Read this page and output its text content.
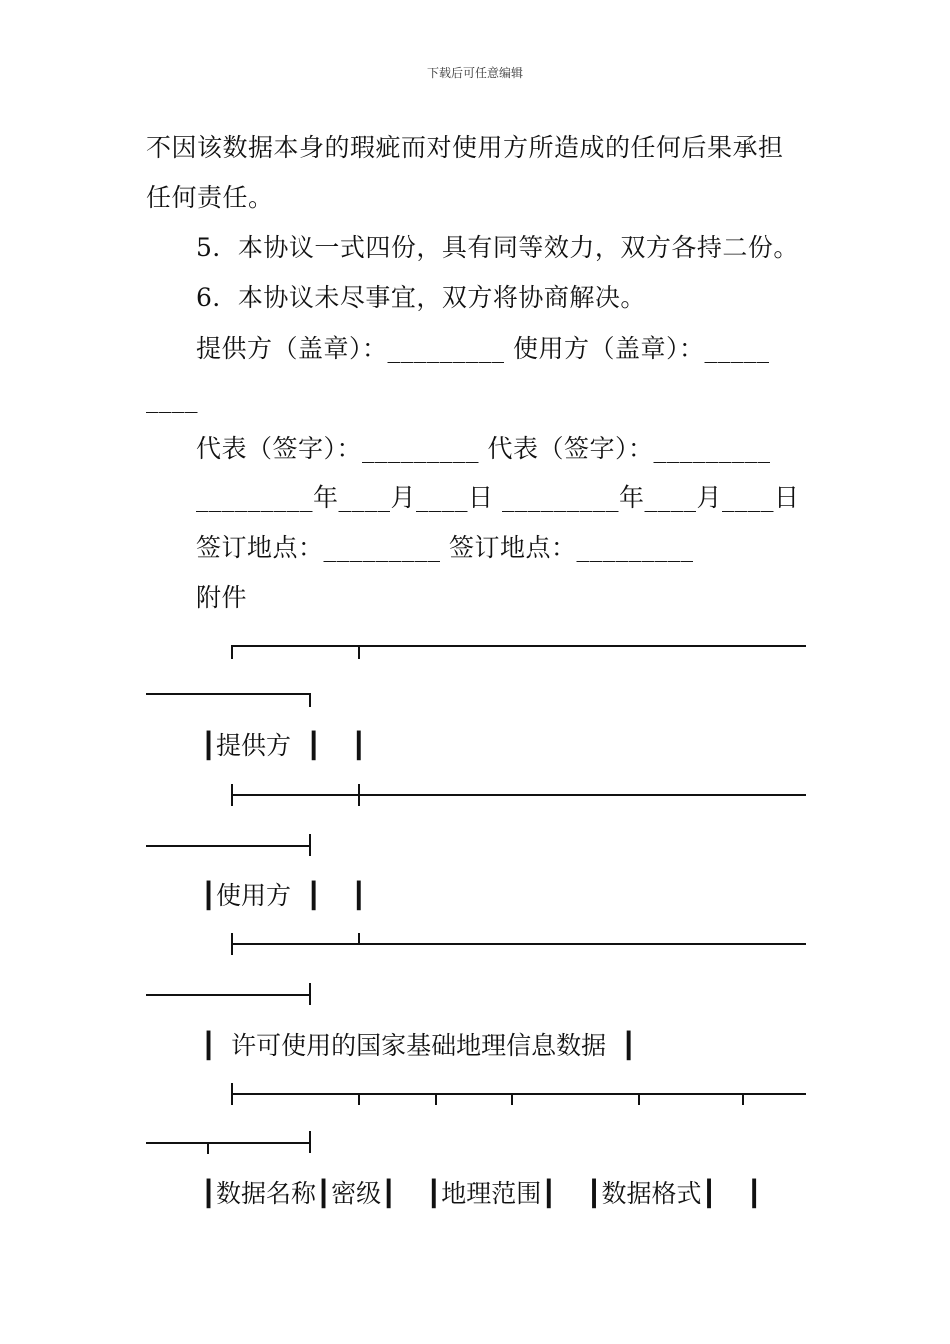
下载后可任意编辑
不因该数据本身的瑕疵而对使用方所造成的任何后果承担
任何责任。
5．本协议一式四份，具有同等效力，双方各持二份。
6．本协议未尽事宜，双方将协商解决。
提供方（盖章）：_________ 使用方（盖章）：_____
____
代表（签字）：_________ 代表（签字）：_________
_________年____月____日 _________年____月____日
签订地点：_________ 签订地点：_________
附件
┃提供方 ┃  ┃
┃使用方 ┃  ┃
┃ 许可使用的国家基础地理信息数据 ┃
┃数据名称┃密级┃  ┃地理范围┃  ┃数据格式┃  ┃
